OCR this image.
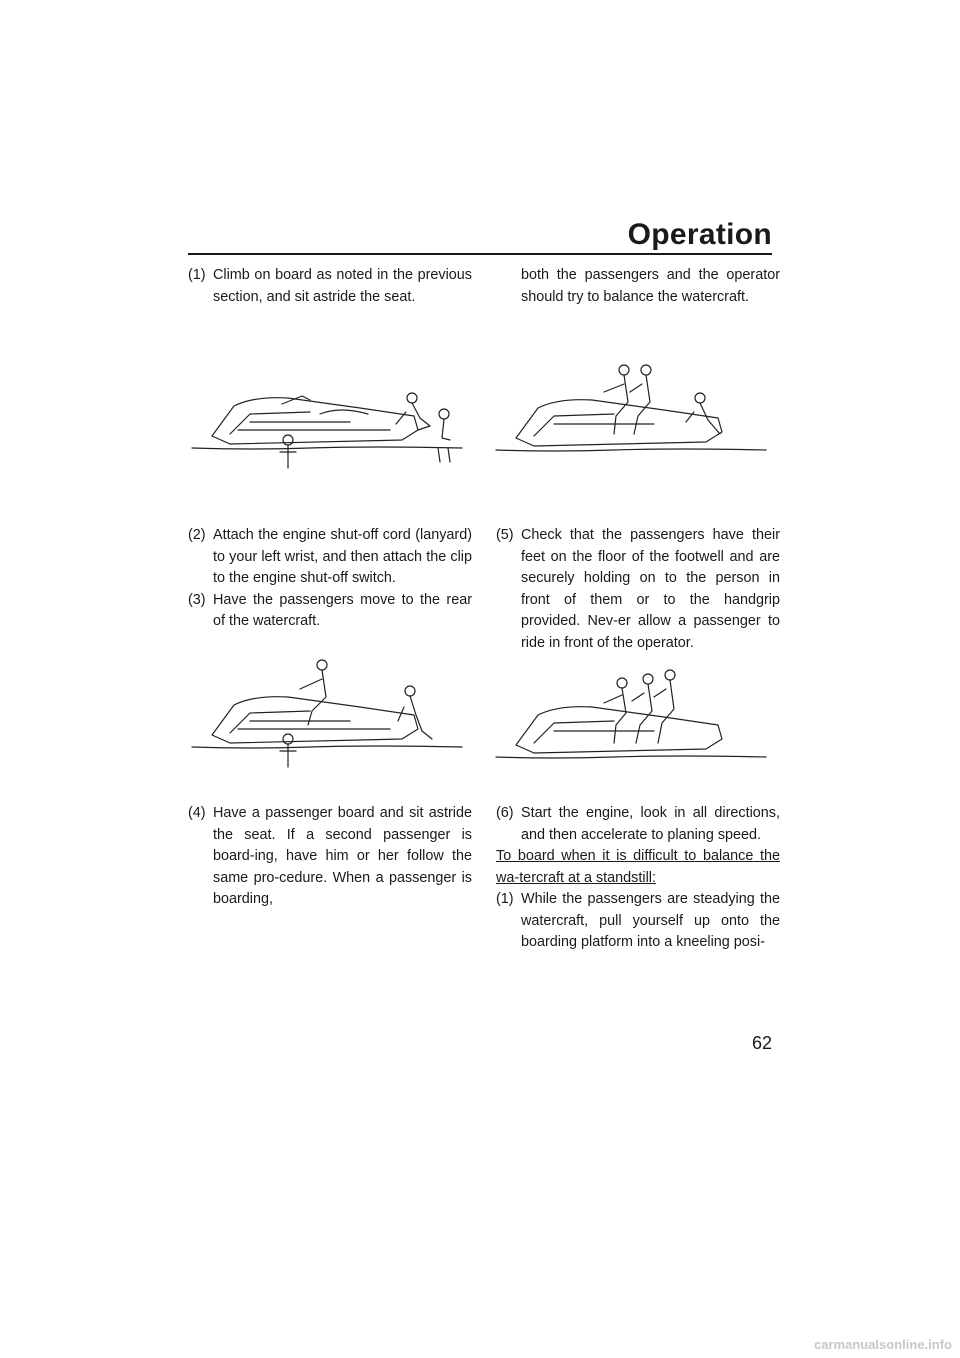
Operation
(1) Climb on board as noted in the previous section, and sit astride the seat.
(2) Attach the engine shut-off cord (lanyard) to your left wrist, and then attach the clip to the engine shut-off switch.
(3) Have the passengers move to the rear of the watercraft.
(4) Have a passenger board and sit astride the seat. If a second passenger is board-ing, have him or her follow the same pro-cedure. When a passenger is boarding,
both the passengers and the operator should try to balance the watercraft.
(5) Check that the passengers have their feet on the floor of the footwell and are securely holding on to the person in front of them or to the handgrip provided. Nev-er allow a passenger to ride in front of the operator.
(6) Start the engine, look in all directions, and then accelerate to planing speed.
To board when it is difficult to balance the wa-tercraft at a standstill:
(1) While the passengers are steadying the watercraft, pull yourself up onto the boarding platform into a kneeling posi-
62
carmanualsonline.info
